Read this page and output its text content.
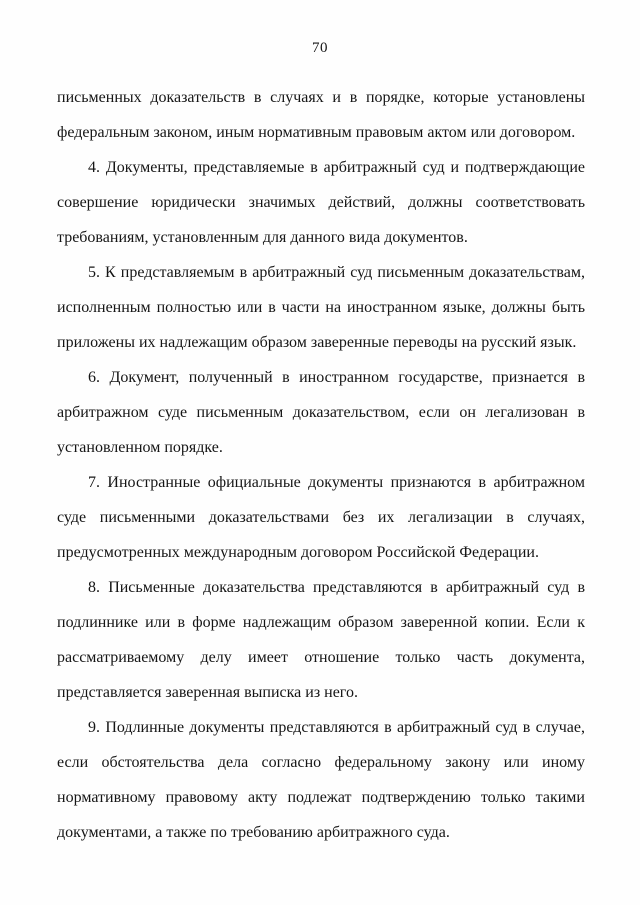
70

письменных доказательств в случаях и в порядке, которые установлены федеральным законом, иным нормативным правовым актом или договором.

4. Документы, представляемые в арбитражный суд и подтверждающие совершение юридически значимых действий, должны соответствовать требованиям, установленным для данного вида документов.

5. К представляемым в арбитражный суд письменным доказательствам, исполненным полностью или в части на иностранном языке, должны быть приложены их надлежащим образом заверенные переводы на русский язык.

6. Документ, полученный в иностранном государстве, признается в арбитражном суде письменным доказательством, если он легализован в установленном порядке.

7. Иностранные официальные документы признаются в арбитражном суде письменными доказательствами без их легализации в случаях, предусмотренных международным договором Российской Федерации.

8. Письменные доказательства представляются в арбитражный суд в подлиннике или в форме надлежащим образом заверенной копии. Если к рассматриваемому делу имеет отношение только часть документа, представляется заверенная выписка из него.

9. Подлинные документы представляются в арбитражный суд в случае, если обстоятельства дела согласно федеральному закону или иному нормативному правовому акту подлежат подтверждению только такими документами, а также по требованию арбитражного суда.
